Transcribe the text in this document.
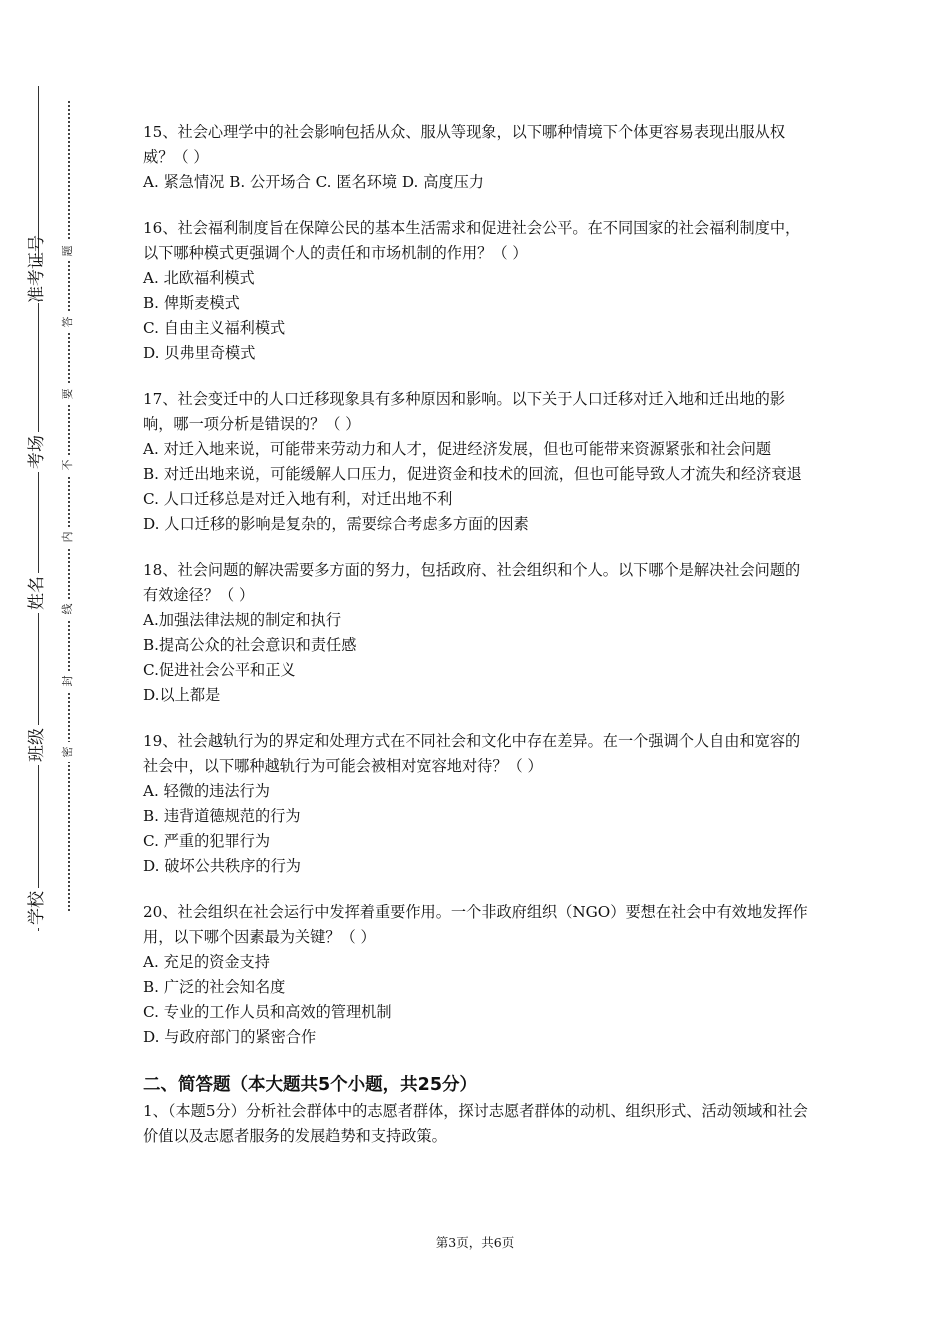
准考证号
考场
姓名
班级
学校
题
答
要
不
内
线
封
密

15、社会心理学中的社会影响包括从众、服从等现象，以下哪种情境下个体更容易表现出服从权威？（ ）

A. 紧急情况 B. 公开场合 C. 匿名环境 D. 高度压力

16、社会福利制度旨在保障公民的基本生活需求和促进社会公平。在不同国家的社会福利制度中，以下哪种模式更强调个人的责任和市场机制的作用？（ ）

A. 北欧福利模式

B. 俾斯麦模式

C. 自由主义福利模式

D. 贝弗里奇模式

17、社会变迁中的人口迁移现象具有多种原因和影响。以下关于人口迁移对迁入地和迁出地的影响，哪一项分析是错误的？（ ）

A. 对迁入地来说，可能带来劳动力和人才，促进经济发展，但也可能带来资源紧张和社会问题

B. 对迁出地来说，可能缓解人口压力，促进资金和技术的回流，但也可能导致人才流失和经济衰退

C. 人口迁移总是对迁入地有利，对迁出地不利

D. 人口迁移的影响是复杂的，需要综合考虑多方面的因素

18、社会问题的解决需要多方面的努力，包括政府、社会组织和个人。以下哪个是解决社会问题的有效途径？（ ）

A.加强法律法规的制定和执行

B.提高公众的社会意识和责任感

C.促进社会公平和正义

D.以上都是

19、社会越轨行为的界定和处理方式在不同社会和文化中存在差异。在一个强调个人自由和宽容的社会中，以下哪种越轨行为可能会被相对宽容地对待？（ ）

A. 轻微的违法行为

B. 违背道德规范的行为

C. 严重的犯罪行为

D. 破坏公共秩序的行为

20、社会组织在社会运行中发挥着重要作用。一个非政府组织（NGO）要想在社会中有效地发挥作用，以下哪个因素最为关键？（ ）

A. 充足的资金支持

B. 广泛的社会知名度

C. 专业的工作人员和高效的管理机制

D. 与政府部门的紧密合作

二、简答题（本大题共5个小题，共25分）

1、（本题5分）分析社会群体中的志愿者群体，探讨志愿者群体的动机、组织形式、活动领域和社会价值以及志愿者服务的发展趋势和支持政策。

第3页，共6页
